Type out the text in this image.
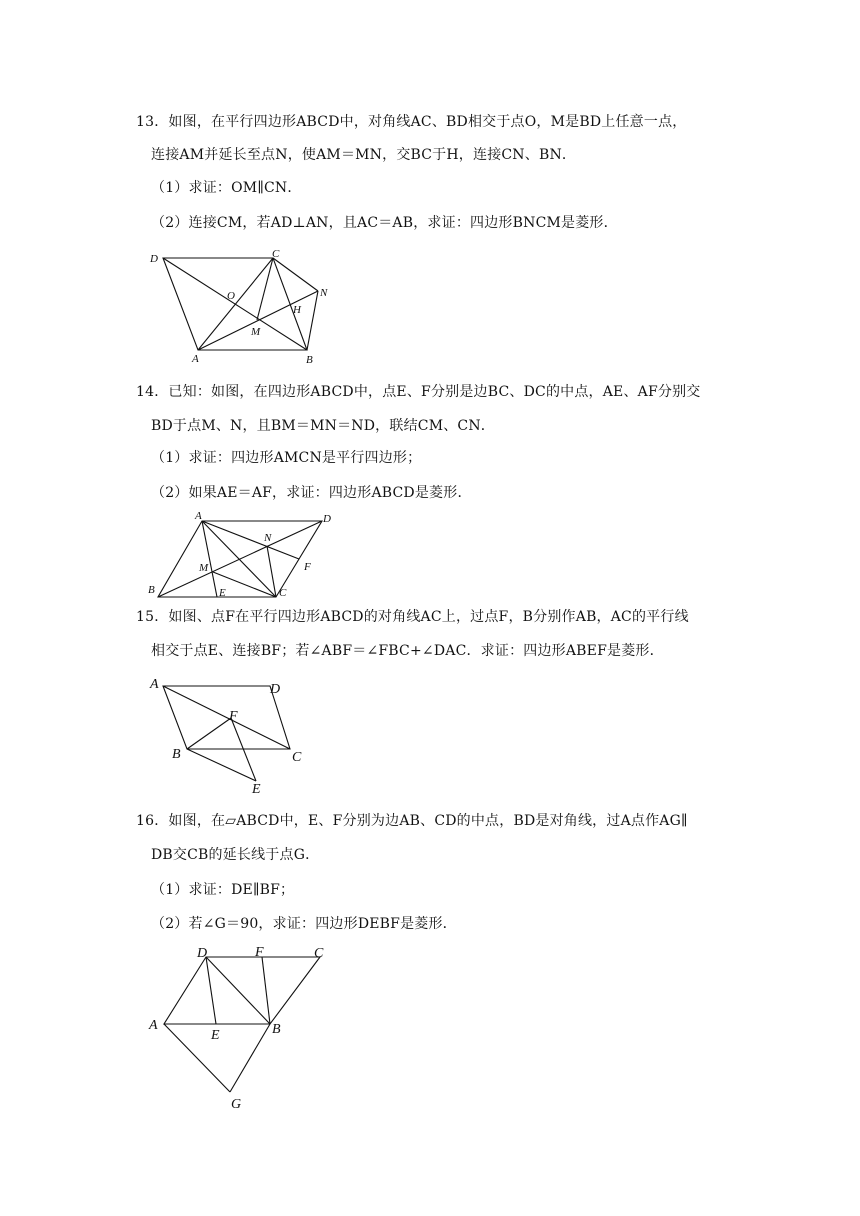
13．如图，在平行四边形ABCD中，对角线AC、BD相交于点O，M是BD上任意一点，
连接AM并延长至点N，使AM＝MN，交BC于H，连接CN、BN．
（1）求证：OM∥CN．
（2）连接CM，若AD⊥AN，且AC＝AB，求证：四边形BNCM是菱形．
D	C
N
O
H
M
A	B
14．已知：如图，在四边形ABCD中，点E、F分别是边BC、DC的中点，AE、AF分别交
BD于点M、N，且BM＝MN＝ND，联结CM、CN．
（1）求证：四边形AMCN是平行四边形；
（2）如果AE＝AF，求证：四边形ABCD是菱形．
A	D
N
F
M
B	E	C
15．如图、点F在平行四边形ABCD的对角线AC上，过点F，B分别作AB，AC的平行线
相交于点E、连接BF；若∠ABF＝∠FBC+∠DAC．求证：四边形ABEF是菱形．
A	D
F
B	C
E
16．如图，在▱ABCD中，E、F分别为边AB、CD的中点，BD是对角线，过A点作AG∥
DB交CB的延长线于点G．
（1）求证：DE∥BF；
（2）若∠G＝90，求证：四边形DEBF是菱形．
D	F	C
A
E	B
G
